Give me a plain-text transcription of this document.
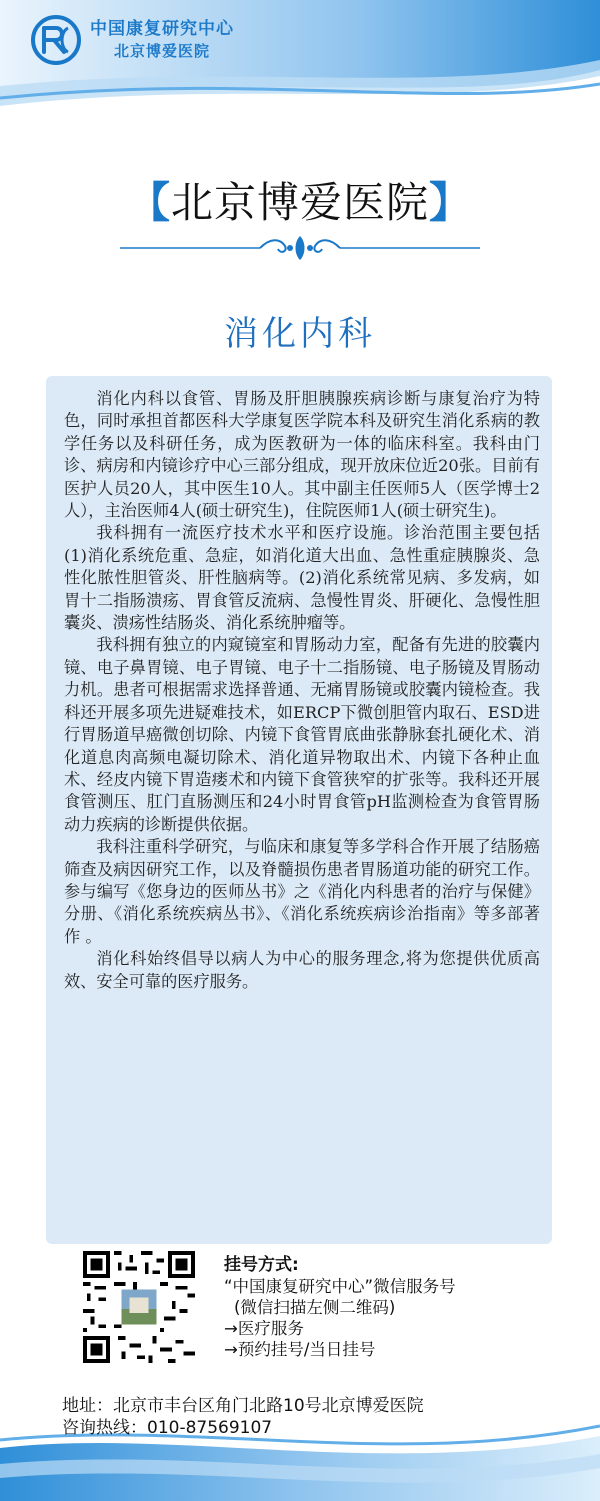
中国康复研究中心
北京博爱医院
【北京博爱医院】
消化内科

消化内科以食管、胃肠及肝胆胰腺疾病诊断与康复治疗为特色，同时承担首都医科大学康复医学院本科及研究生消化系病的教学任务以及科研任务，成为医教研为一体的临床科室。我科由门诊、病房和内镜诊疗中心三部分组成，现开放床位近20张。目前有医护人员20人，其中医生10人。其中副主任医师5人（医学博士2人），主治医师4人(硕士研究生)，住院医师1人(硕士研究生)。

我科拥有一流医疗技术水平和医疗设施。诊治范围主要包括(1)消化系统危重、急症，如消化道大出血、急性重症胰腺炎、急性化脓性胆管炎、肝性脑病等。(2)消化系统常见病、多发病，如胃十二指肠溃疡、胃食管反流病、急慢性胃炎、肝硬化、急慢性胆囊炎、溃疡性结肠炎、消化系统肿瘤等。

我科拥有独立的内窥镜室和胃肠动力室，配备有先进的胶囊内镜、电子鼻胃镜、电子胃镜、电子十二指肠镜、电子肠镜及胃肠动力机。患者可根据需求选择普通、无痛胃肠镜或胶囊内镜检查。我科还开展多项先进疑难技术，如ERCP下微创胆管内取石、ESD进行胃肠道早癌微创切除、内镜下食管胃底曲张静脉套扎硬化术、消化道息肉高频电凝切除术、消化道异物取出术、内镜下各种止血术、经皮内镜下胃造瘘术和内镜下食管狭窄的扩张等。我科还开展食管测压、肛门直肠测压和24小时胃食管pH监测检查为食管胃肠动力疾病的诊断提供依据。

我科注重科学研究，与临床和康复等多学科合作开展了结肠癌筛查及病因研究工作，以及脊髓损伤患者胃肠道功能的研究工作。参与编写《您身边的医师丛书》之《消化内科患者的治疗与保健》分册、《消化系统疾病丛书》、《消化系统疾病诊治指南》等多部著作 。

消化科始终倡导以病人为中心的服务理念,将为您提供优质高效、安全可靠的医疗服务。

挂号方式:
“中国康复研究中心”微信服务号
(微信扫描左侧二维码)
→医疗服务
→预约挂号/当日挂号
地址：北京市丰台区角门北路10号北京博爱医院
咨询热线：010-87569107
